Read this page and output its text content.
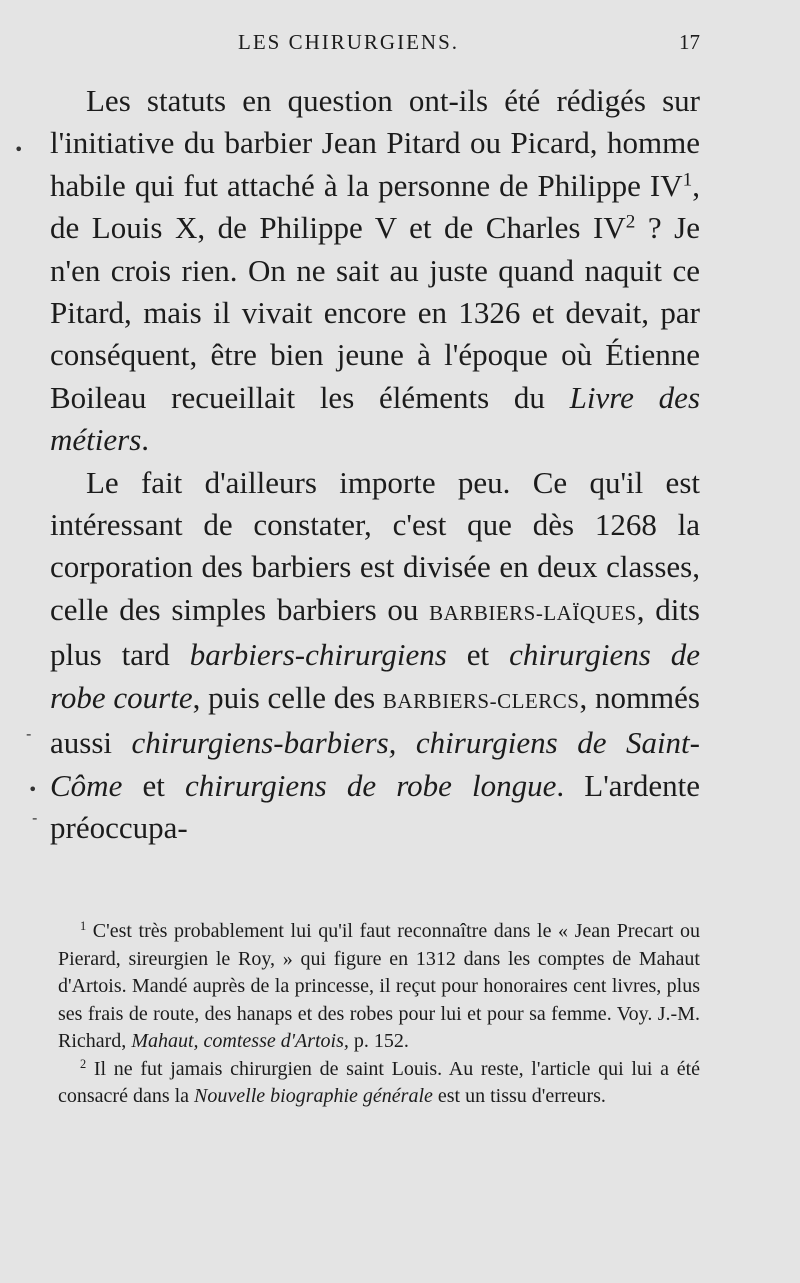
LES CHIRURGIENS.	17

Les statuts en question ont-ils été rédigés sur l'initiative du barbier Jean Pitard ou Picard, homme habile qui fut attaché à la personne de Philippe $IV^1$, de Louis X, de Philippe V et de Charles $IV^2$ ? Je n'en crois rien. On ne sait au juste quand naquit ce Pitard, mais il vivait encore en 1326 et devait, par conséquent, être bien jeune à l'époque où Étienne Boileau recueillait les éléments du Livre des métiers.

Le fait d'ailleurs importe peu. Ce qu'il est intéressant de constater, c'est que dès 1268 la corporation des barbiers est divisée en deux classes, celle des simples barbiers ou BARBIERS-LAÏQUES, dits plus tard barbiers-chirurgiens et chirurgiens de robe courte, puis celle des BARBIERS-CLERCS, nommés aussi chirurgiens-barbiers, chirurgiens de Saint-Côme et chirurgiens de robe longue. L'ardente préoccupa-

$^1$ C'est très probablement lui qu'il faut reconnaître dans le « Jean Precart ou Pierard, sireurgien le Roy, » qui figure en 1312 dans les comptes de Mahaut d'Artois. Mandé auprès de la princesse, il reçut pour honoraires cent livres, plus ses frais de route, des hanaps et des robes pour lui et pour sa femme. Voy. J.-M. Richard, Mahaut, comtesse d'Artois, p. 152.

$^2$ Il ne fut jamais chirurgien de saint Louis. Au reste, l'article qui lui a été consacré dans la Nouvelle biographie générale est un tissu d'erreurs.

•
-
•
-
